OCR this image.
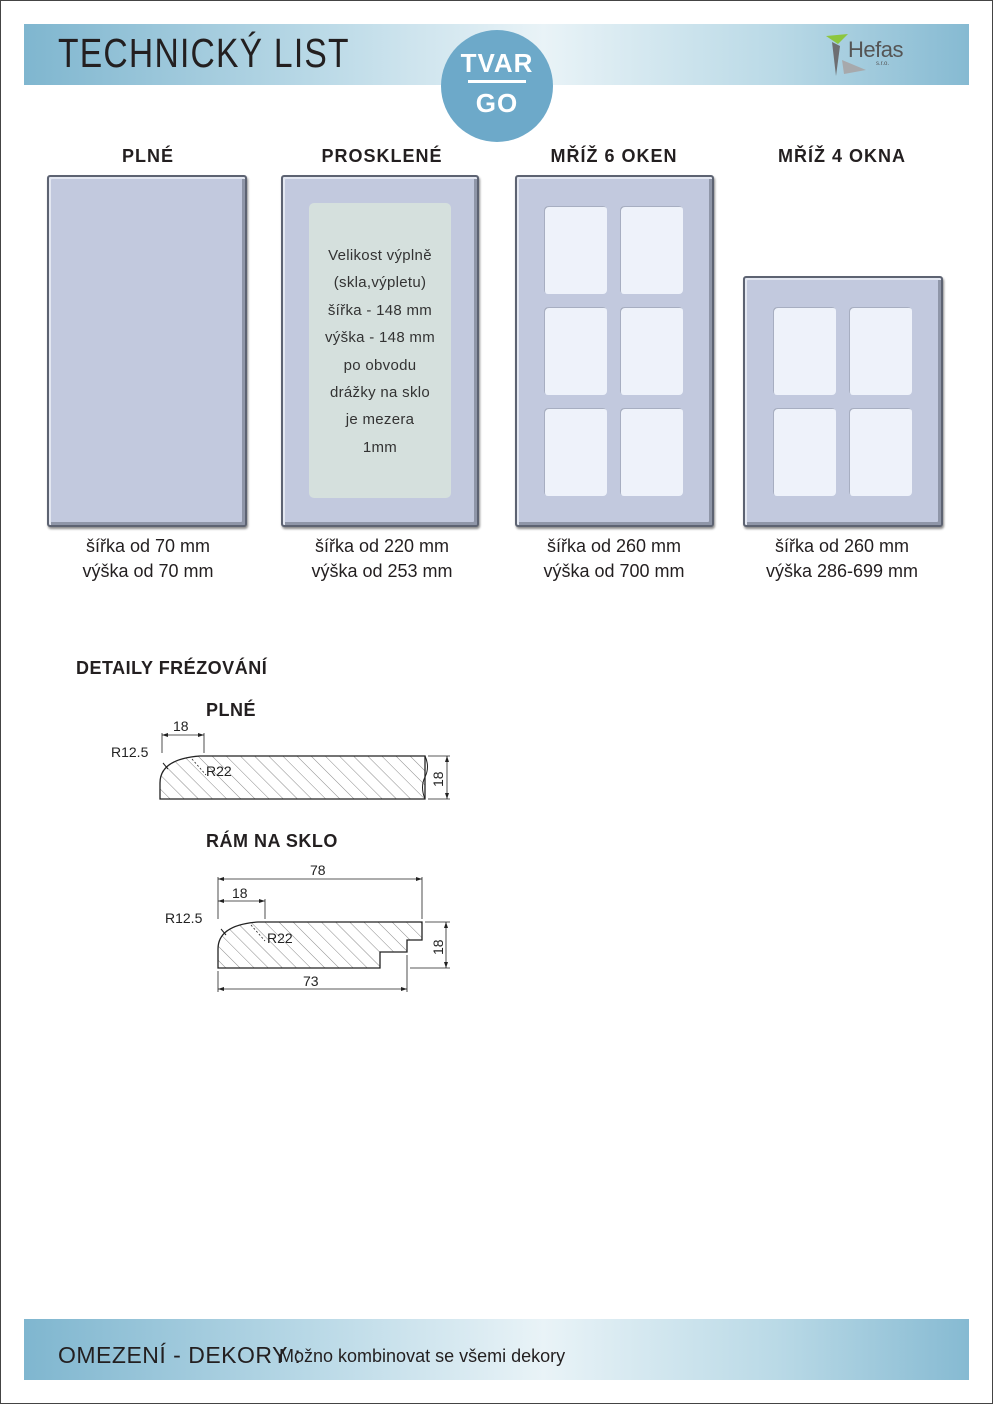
TECHNICKÝ LIST	TVAR
GO
Hefas
s.r.o.
PLNÉ	PROSKLENÉ	MŘÍŽ 6 OKEN	MŘÍŽ 4 OKNA
Velikost výplně
(skla,výpletu)
šířka - 148 mm
výška - 148 mm
po obvodu
drážky na sklo
je mezera
1mm
šířka od 70 mm
výška od 70 mm
šířka od 220 mm
výška od 253 mm
šířka od 260 mm
výška od 700 mm
šířka od 260 mm
výška 286-699 mm
DETAILY FRÉZOVÁNÍ
PLNÉ
18
R12.5
R22
18
RÁM NA SKLO
78
18
R12.5
R22
18
73
OMEZENÍ - DEKORY :
Možno kombinovat se všemi dekory
